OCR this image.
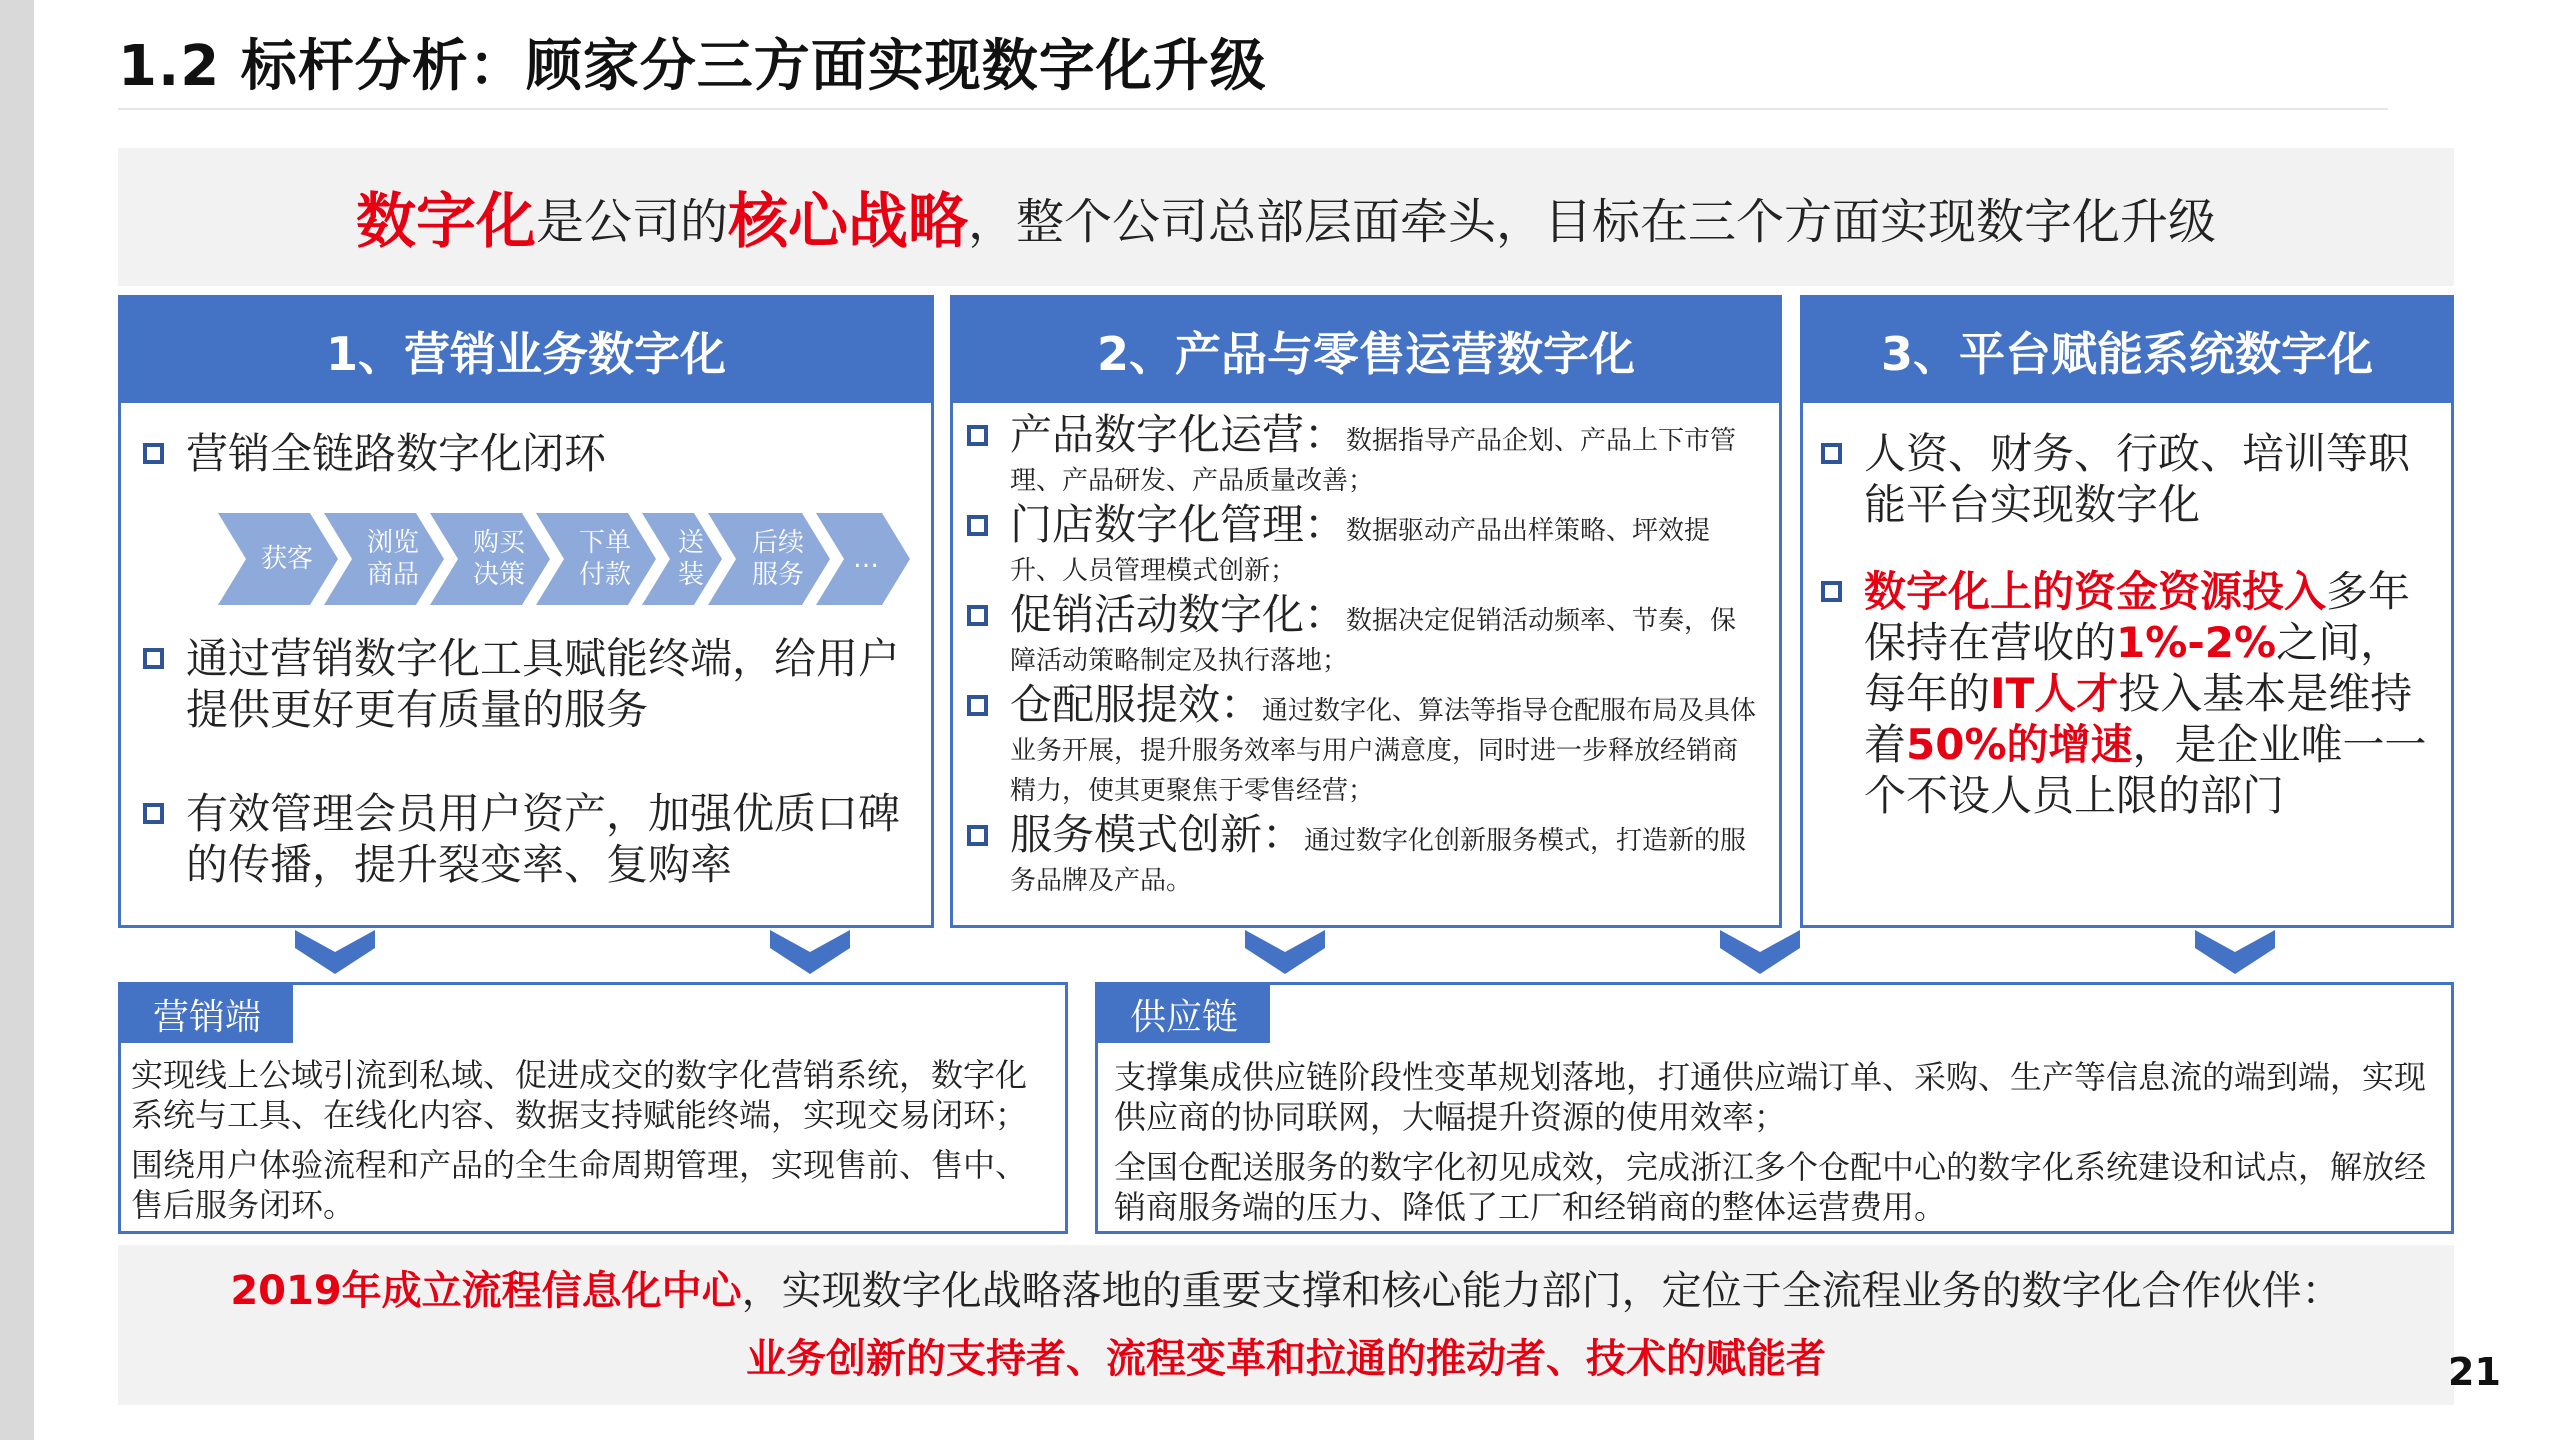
1.2 标杆分析：顾家分三方面实现数字化升级
数字化 是公司的 核心战略 ，整个公司总部层面牵头，目标在三个方面实现数字化升级
1、营销业务数字化
营销全链路数字化闭环
获客
浏览商品
购买决策
下单付款
送装
后续服务
…
通过营销数字化工具赋能终端，给用户提供更好更有质量的服务
有效管理会员用户资产，加强优质口碑的传播，提升裂变率、复购率
2、产品与零售运营数字化
产品数字化运营：数据指导产品企划、产品上下市管理、产品研发、产品质量改善；
门店数字化管理：数据驱动产品出样策略、坪效提升、人员管理模式创新；
促销活动数字化：数据决定促销活动频率、节奏，保障活动策略制定及执行落地；
仓配服提效：通过数字化、算法等指导仓配服布局及具体业务开展，提升服务效率与用户满意度，同时进一步释放经销商精力，使其更聚焦于零售经营；
服务模式创新：通过数字化创新服务模式，打造新的服务品牌及产品。
3、平台赋能系统数字化
人资、财务、行政、培训等职能平台实现数字化
数字化上的资金资源投入多年保持在营收的1%-2%之间，每年的IT人才投入基本是维持着50%的增速，是企业唯一一个不设人员上限的部门
营销端
实现线上公域引流到私域、促进成交的数字化营销系统，数字化系统与工具、在线化内容、数据支持赋能终端，实现交易闭环；
围绕用户体验流程和产品的全生命周期管理，实现售前、售中、售后服务闭环。
供应链
支撑集成供应链阶段性变革规划落地，打通供应端订单、采购、生产等信息流的端到端，实现供应商的协同联网，大幅提升资源的使用效率；
全国仓配送服务的数字化初见成效，完成浙江多个仓配中心的数字化系统建设和试点，解放经销商服务端的压力、降低了工厂和经销商的整体运营费用。
2019年成立流程信息化中心，实现数字化战略落地的重要支撑和核心能力部门，定位于全流程业务的数字化合作伙伴：
业务创新的支持者、流程变革和拉通的推动者、技术的赋能者	21
